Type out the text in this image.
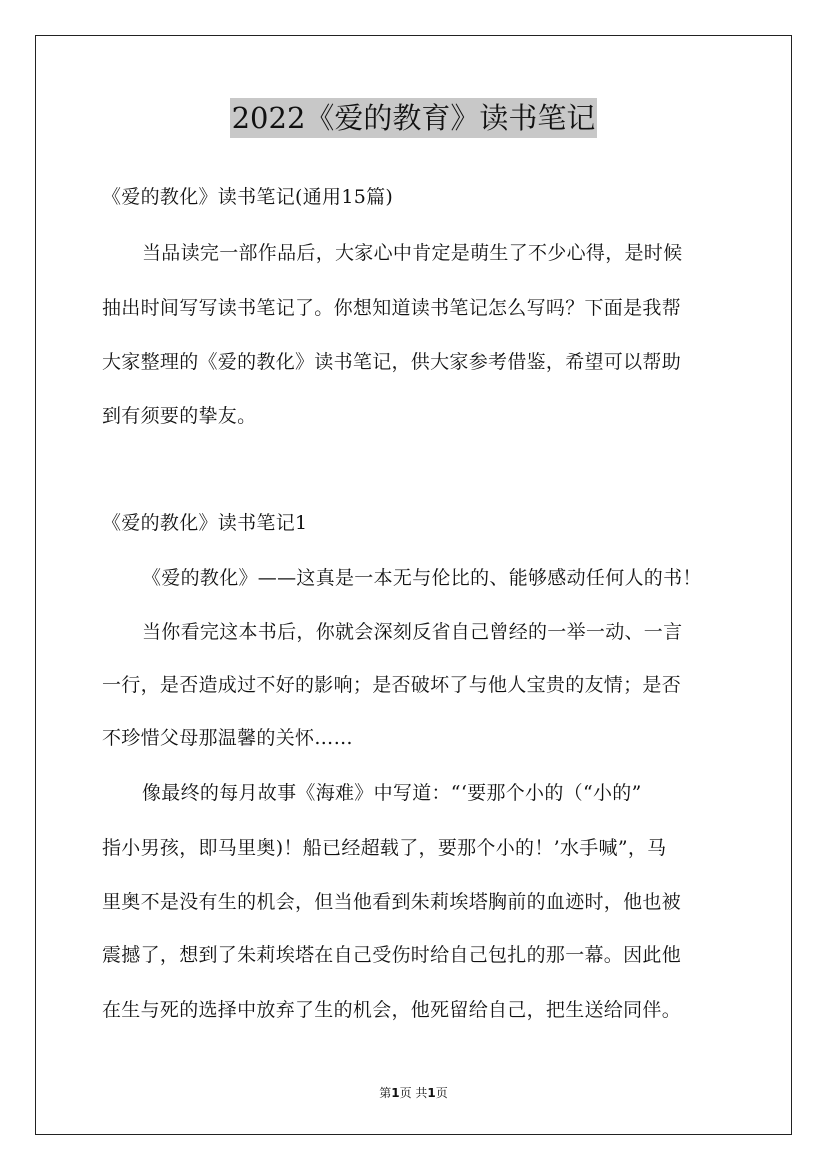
2022《爱的教育》读书笔记
《爱的教化》读书笔记(通用15篇)
当品读完一部作品后，大家心中肯定是萌生了不少心得，是时候
抽出时间写写读书笔记了。你想知道读书笔记怎么写吗？下面是我帮
大家整理的《爱的教化》读书笔记，供大家参考借鉴，希望可以帮助
到有须要的挚友。
《爱的教化》读书笔记1
《爱的教化》——这真是一本无与伦比的、能够感动任何人的书！
当你看完这本书后，你就会深刻反省自己曾经的一举一动、一言
一行，是否造成过不好的影响；是否破坏了与他人宝贵的友情；是否
不珍惜父母那温馨的关怀……
像最终的每月故事《海难》中写道：“‘要那个小的（“小的”
指小男孩，即马里奥)！船已经超载了，要那个小的！’水手喊”，马
里奥不是没有生的机会，但当他看到朱莉埃塔胸前的血迹时，他也被
震撼了，想到了朱莉埃塔在自己受伤时给自己包扎的那一幕。因此他
在生与死的选择中放弃了生的机会，他死留给自己，把生送给同伴。
第1页 共1页
